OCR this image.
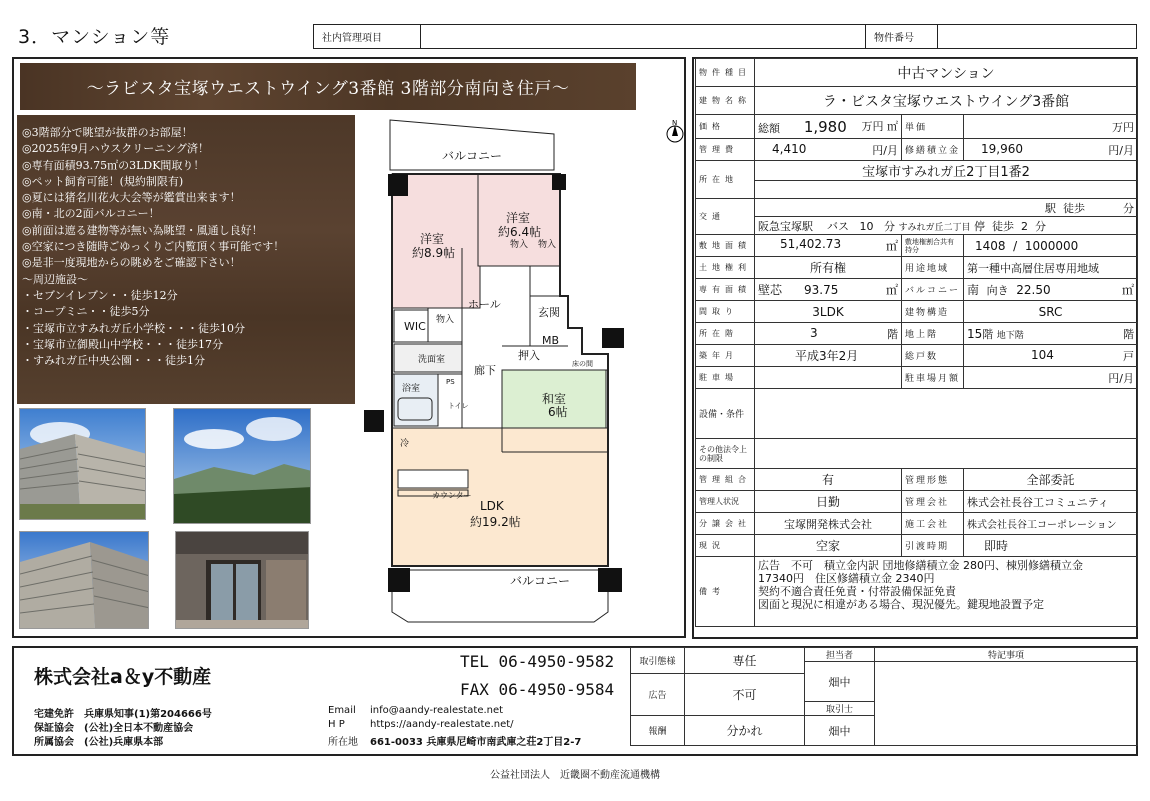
3．マンション等	社内管理項目	物件番号
～ラビスタ宝塚ウエストウイング3番館 3階部分南向き住戸～
◎3階部分で眺望が抜群のお部屋！
◎2025年9月ハウスクリーニング済！
◎専有面積93.75㎡の3LDK間取り！
◎ペット飼育可能！(規約制限有)
◎夏には猪名川花火大会等が鑑賞出来ます！
◎南・北の2面バルコニー！
◎前面は遮る建物等が無い為眺望・風通し良好！
◎空家につき随時ごゆっくりご内覧頂く事可能です！
◎是非一度現地からの眺めをご確認下さい！
～周辺施設～
・セブンイレブン・・徒歩12分
・コープミニ・・徒歩5分
・宝塚市立すみれガ丘小学校・・・徒歩10分
・宝塚市立御殿山中学校・・・徒歩17分
・すみれガ丘中央公園・・・徒歩1分
N
バルコニー
洋室
約8.9帖
洋室
約6.4帖
ホール
玄関
WIC
MB
押入
洗面室
廊下
浴室
PS
トイレ	和室
6帖
床の間
物入 物入
物入
冷
カウンター
LDK
約19.2帖
バルコニー
物件種目	中古マンション		
建物名称	ラ・ビスタ宝塚ウエストウイング3番館		
価格	総額 1,980 万円 ㎡	単価	万円
管理費	4,410 円/月	修繕積立金	19,960 円/月

所在地	宝塚市すみれガ丘2丁目1番2		

交通	駅 徒歩 分		
	阪急宝塚駅 バス 10 分 すみれガ丘二丁目 停 徒歩 2 分		
敷地面積	51,402.73 ㎡	敷地権割合共有持分	1408 / 1000000
土地権利	所有権	用途地域	第一種中高層住居専用地域
専有面積	壁芯 93.75 ㎡	バルコニー	南 向き 22.50 ㎡

間取り	3LDK	建物構造	SRC
所在階	3 階	地上階	15階 地下階 階

築年月	平成3年2月	総戸数	104 戸

駐車場		駐車場月額	円/月
設備・条件			
その他法令上の制限			
管理組合	有	管理形態	全部委託
管理人状況	日勤	管理会社	株式会社長谷工コミュニティ
分譲会社	宝塚開発株式会社	施工会社	株式会社長谷工コーポレーション
現況	空家	引渡時期	即時
備考	広告　不可　積立金内訳 団地修繕積立金 280円、棟別修繕積立金
17340円　住区修繕積立金 2340円
契約不適合責任免責・付帯設備保証免責
図面と現況に相違がある場合、現況優先。鍵現地設置予定		
株式会社a＆y不動産
宅建免許　兵庫県知事(1)第204666号
保証協会　(公社)全日本不動産協会
所属協会　(公社)兵庫県本部
TEL 06-4950-9582
FAX 06-4950-9584
Email info@aandy-realestate.net
H P	https://aandy-realestate.net/
所在地 661-0033 兵庫県尼崎市南武庫之荘2丁目2-7
取引態様	専任	担当者	特記事項
		畑中	
広告	不可		
		取引士	
報酬	分かれ	畑中	
公益社団法人　近畿圏不動産流通機構
